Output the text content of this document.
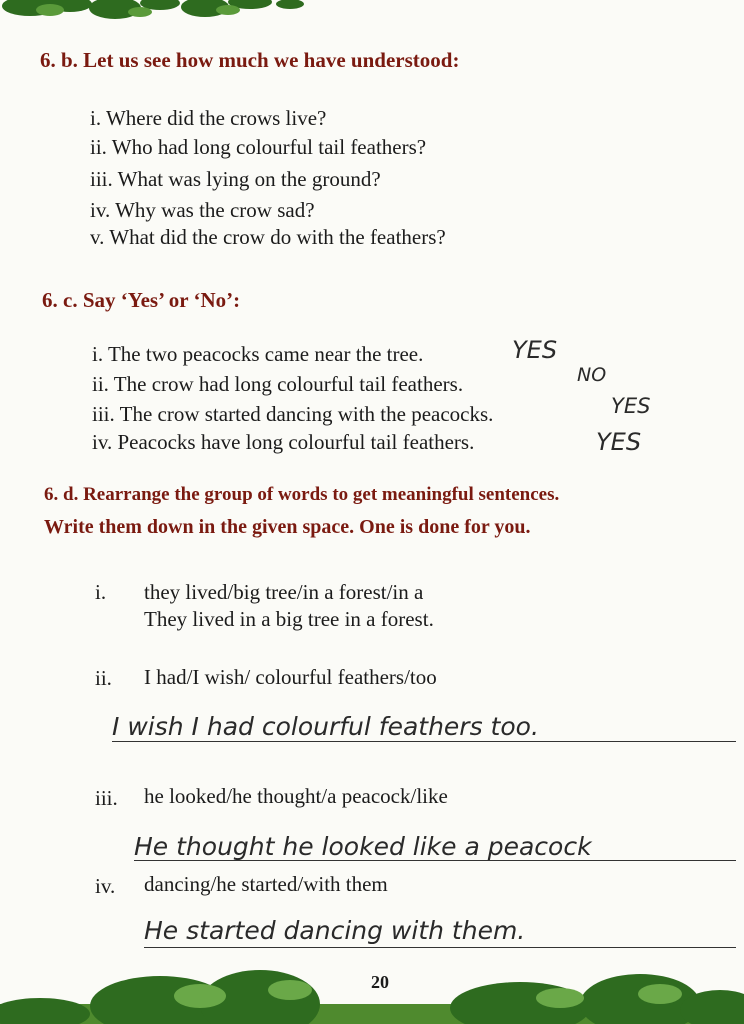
6. b. Let us see how much we have understood:
i. Where did the crows live?
ii. Who had long colourful tail feathers?
iii. What was lying on the ground?
iv. Why was the crow sad?
v. What did the crow do with the feathers?
6. c. Say ‘Yes’ or ‘No’:
i. The two peacocks came near the tree.	YES
ii. The crow had long colourful tail feathers.	NO
iii. The crow started dancing with the peacocks.	YES
iv. Peacocks have long colourful tail feathers.	YES
6. d. Rearrange the group of words to get meaningful sentences.
Write them down in the given space. One is done for you.
i. they lived/big tree/in a forest/in a
They lived in a big tree in a forest.
ii. I had/I wish/ colourful feathers/too
I wish I had colourful feathers too.
iii. he looked/he thought/a peacock/like
He thought he looked like a peacock
iv. dancing/he started/with them
He started dancing with them.
20
